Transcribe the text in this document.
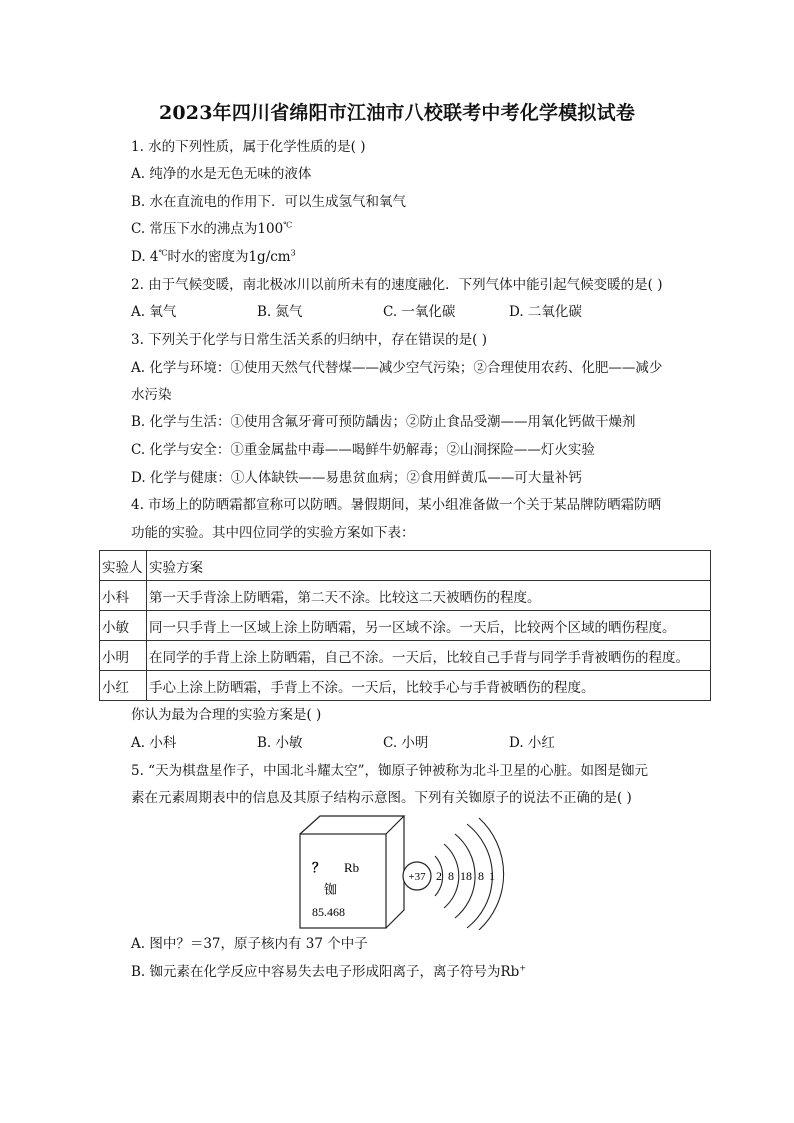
2023年四川省绵阳市江油市八校联考中考化学模拟试卷
1. 水的下列性质，属于化学性质的是( )
A. 纯净的水是无色无味的液体
B. 水在直流电的作用下．可以生成氢气和氧气
C. 常压下水的沸点为100℃
D. 4℃时水的密度为$1g/cm^3$
2. 由于气候变暖，南北极冰川以前所未有的速度融化．下列气体中能引起气候变暖的是( )
A. 氧气	B. 氮气	C. 一氧化碳	D. 二氧化碳
3. 下列关于化学与日常生活关系的归纳中，存在错误的是( )
A. 化学与环境：①使用天然气代替煤——减少空气污染；②合理使用农药、化肥——减少
水污染
B. 化学与生活：①使用含氟牙膏可预防龋齿；②防止食品受潮——用氧化钙做干燥剂
C. 化学与安全：①重金属盐中毒——喝鲜牛奶解毒；②山洞探险——灯火实验
D. 化学与健康：①人体缺铁——易患贫血病；②食用鲜黄瓜——可大量补钙
4. 市场上的防晒霜都宣称可以防晒。暑假期间，某小组准备做一个关于某品牌防晒霜防晒
功能的实验。其中四位同学的实验方案如下表：
实验人	实验方案
小科	第一天手背涂上防晒霜，第二天不涂。比较这二天被晒伤的程度。
小敏	同一只手背上一区域上涂上防晒霜，另一区域不涂。一天后，比较两个区域的晒伤程度。
小明	在同学的手背上涂上防晒霜，自己不涂。一天后，比较自己手背与同学手背被晒伤的程度。
小红	手心上涂上防晒霜，手背上不涂。一天后，比较手心与手背被晒伤的程度。
你认为最为合理的实验方案是( )
A. 小科	B. 小敏	C. 小明	D. 小红
5. “天为棋盘星作子，中国北斗耀太空”，铷原子钟被称为北斗卫星的心脏。如图是铷元
素在元素周期表中的信息及其原子结构示意图。下列有关铷原子的说法不正确的是( )
？ Rb
铷
85.468
+37 2 8 18 8 1
A. 图中？＝37，原子核内有 37 个中子
B. 铷元素在化学反应中容易失去电子形成阳离子，离子符号为Rb+
